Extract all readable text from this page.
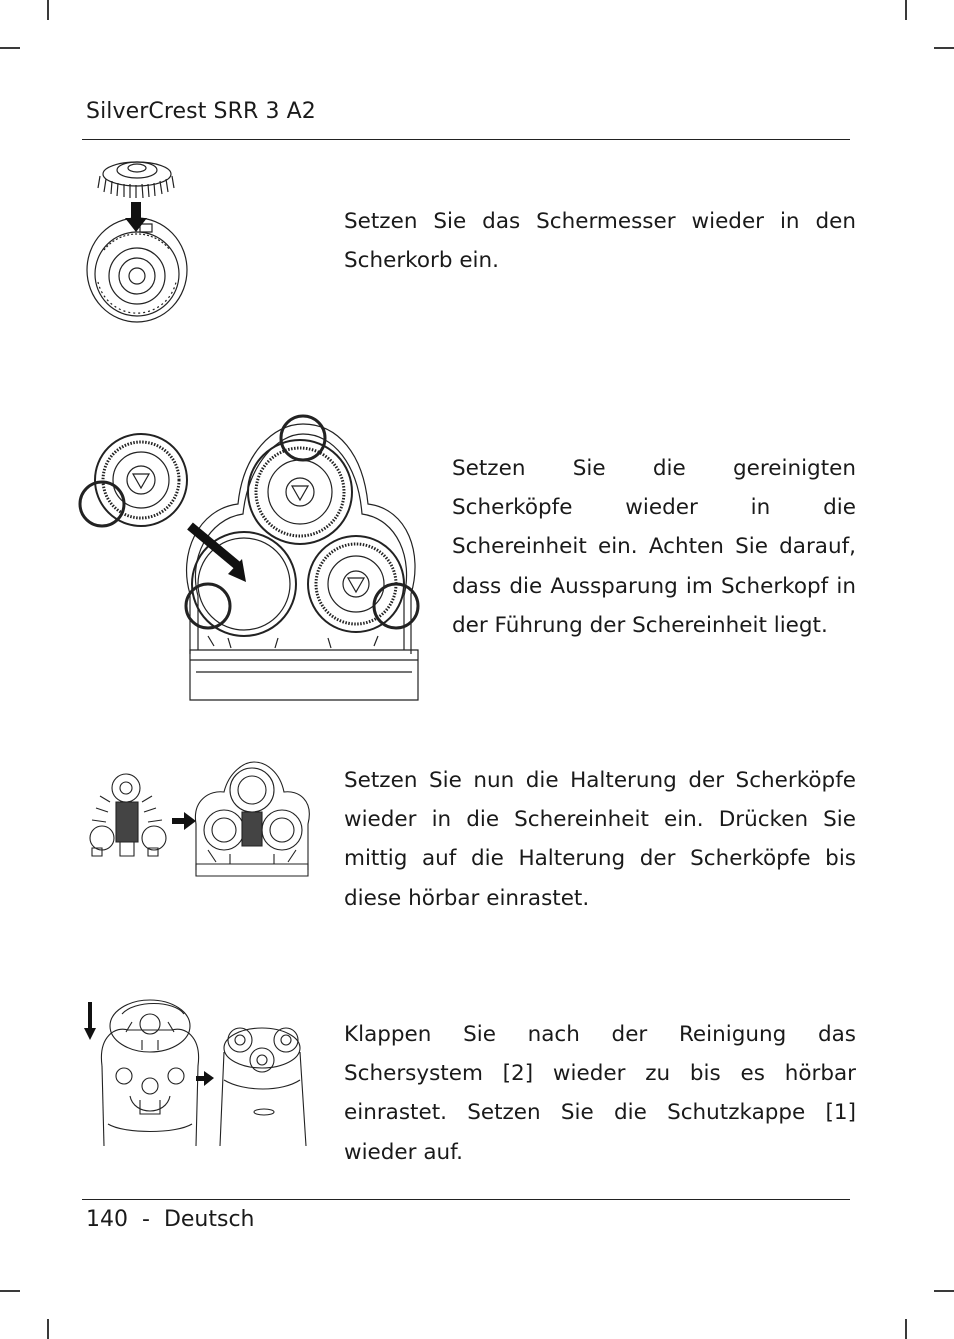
SilverCrest SRR 3 A2
Setzen Sie das Schermesser wieder in den Scherkorb ein.
Setzen Sie die gereinigten Scherköpfe wieder in die Schereinheit ein. Achten Sie darauf, dass die Aussparung im Scherkopf in der Führung der Schereinheit liegt.
Setzen Sie nun die Halterung der Scherköpfe wieder in die Schereinheit ein. Drücken Sie mittig auf die Halterung der Scherköpfe bis diese hörbar einrastet.
Klappen Sie nach der Reinigung das Schersystem [2] wieder zu bis es hörbar einrastet. Setzen Sie die Schutzkappe [1] wieder auf.
140 - Deutsch
